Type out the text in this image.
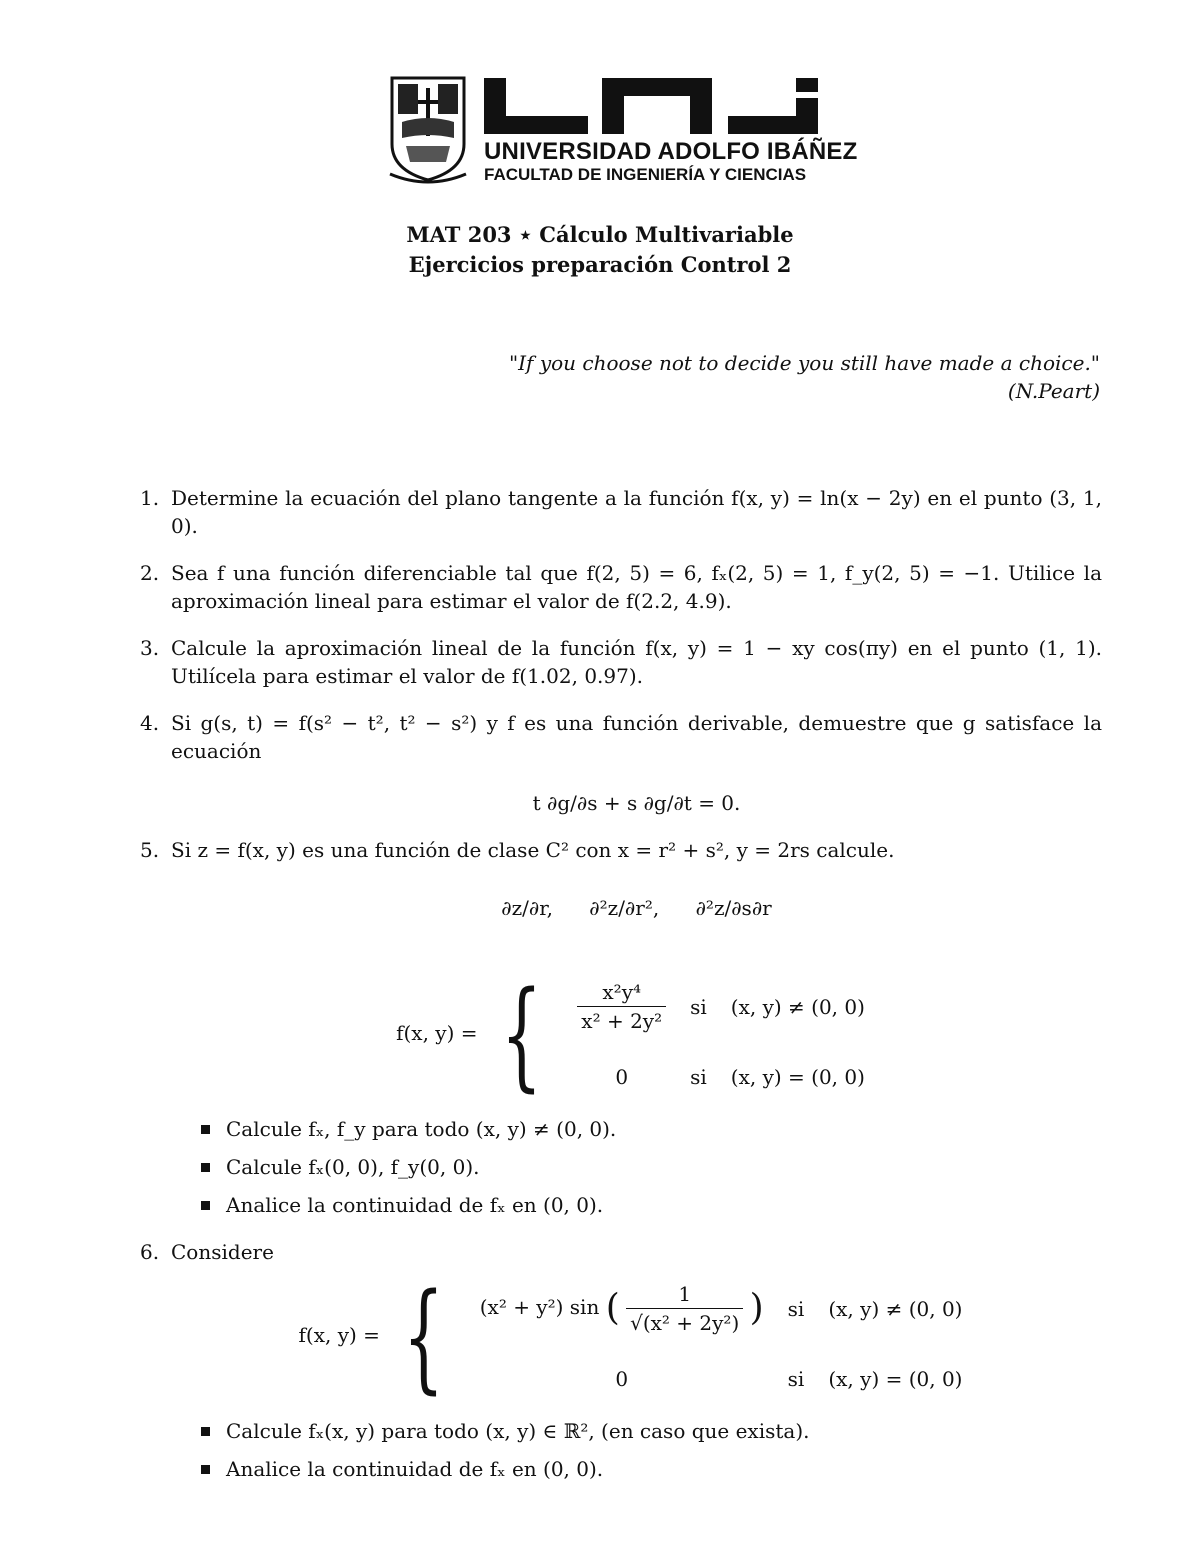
UNIVERSIDAD ADOLFO IBÁÑEZ

FACULTAD DE INGENIERÍA Y CIENCIAS

MAT 203 ⋆ Cálculo Multivariable
Ejercicios preparación Control 2
"If you choose not to decide you still have made a choice."
(N.Peart)
1. Determine la ecuación del plano tangente a la función f(x, y) = ln(x − 2y) en el punto (3, 1, 0).

2. Sea f una función diferenciable tal que f(2, 5) = 6, fₓ(2, 5) = 1, f_y(2, 5) = −1. Utilice la aproximación lineal para estimar el valor de f(2.2, 4.9).

3. Calcule la aproximación lineal de la función f(x, y) = 1 − xy cos(πy) en el punto (1, 1). Utilícela para estimar el valor de f(1.02, 0.97).

4. Si g(s, t) = f(s² − t², t² − s²) y f es una función derivable, demuestre que g satisface la ecuación

t ∂g/∂s + s ∂g/∂t = 0.
5. Si z = f(x, y) es una función de clase C² con x = r² + s², y = 2rs calcule.

∂z/∂r, ∂²z/∂r², ∂²z/∂s∂r
f(x, y) = { $\frac{\text{x²y⁴}}{\text{x² + 2y²}}$	si	(x, y) ≠ (0, 0)
0	si	(x, y) = (0, 0)
Calcule fₓ, f_y para todo (x, y) ≠ (0, 0).
Calcule fₓ(0, 0), f_y(0, 0).
Analice la continuidad de fₓ en (0, 0).
6. Considere

f(x, y) = { (x² + y²) sin ( $\frac{1}{\text{√(x² + 2y²)}}$ )	si	(x, y) ≠ (0, 0)
0	si	(x, y) = (0, 0)
Calcule fₓ(x, y) para todo (x, y) ∈ ℝ², (en caso que exista).
Analice la continuidad de fₓ en (0, 0).
